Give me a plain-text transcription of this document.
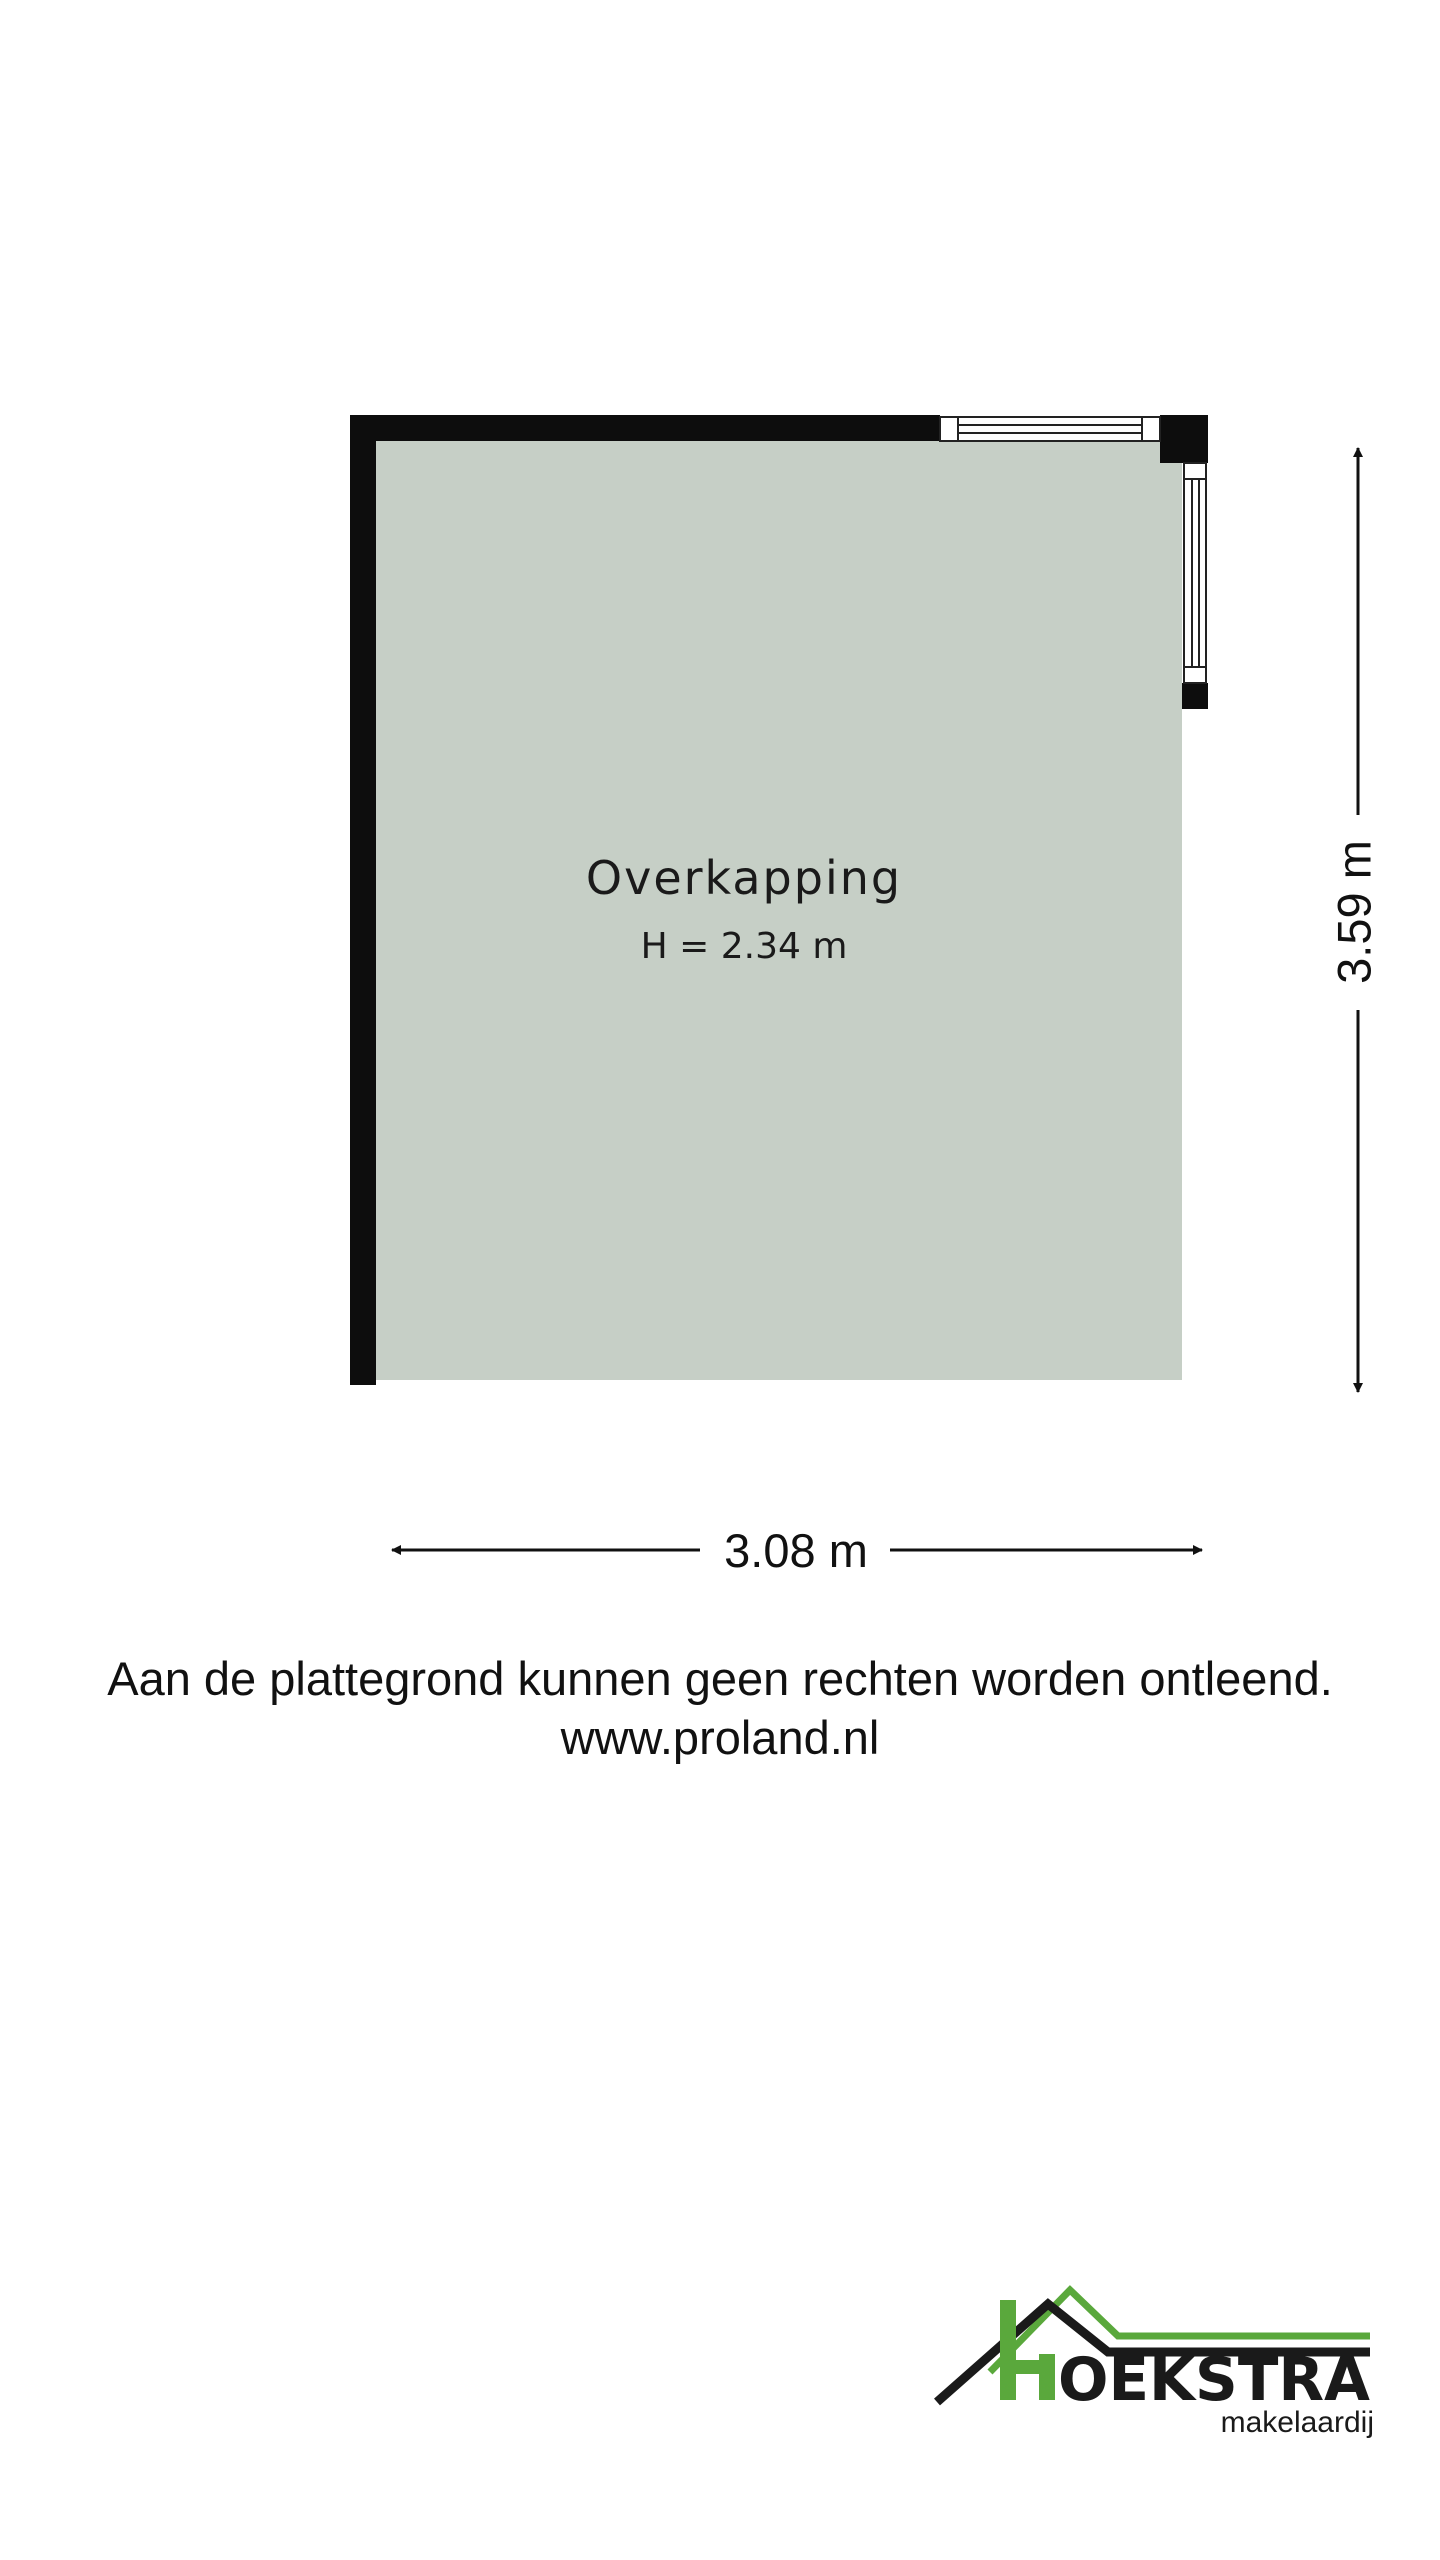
Overkapping
H = 2.34 m
3.08 m
3.59 m
OEKSTRA
makelaardij
Aan de plattegrond kunnen geen rechten worden ontleend.
www.proland.nl
